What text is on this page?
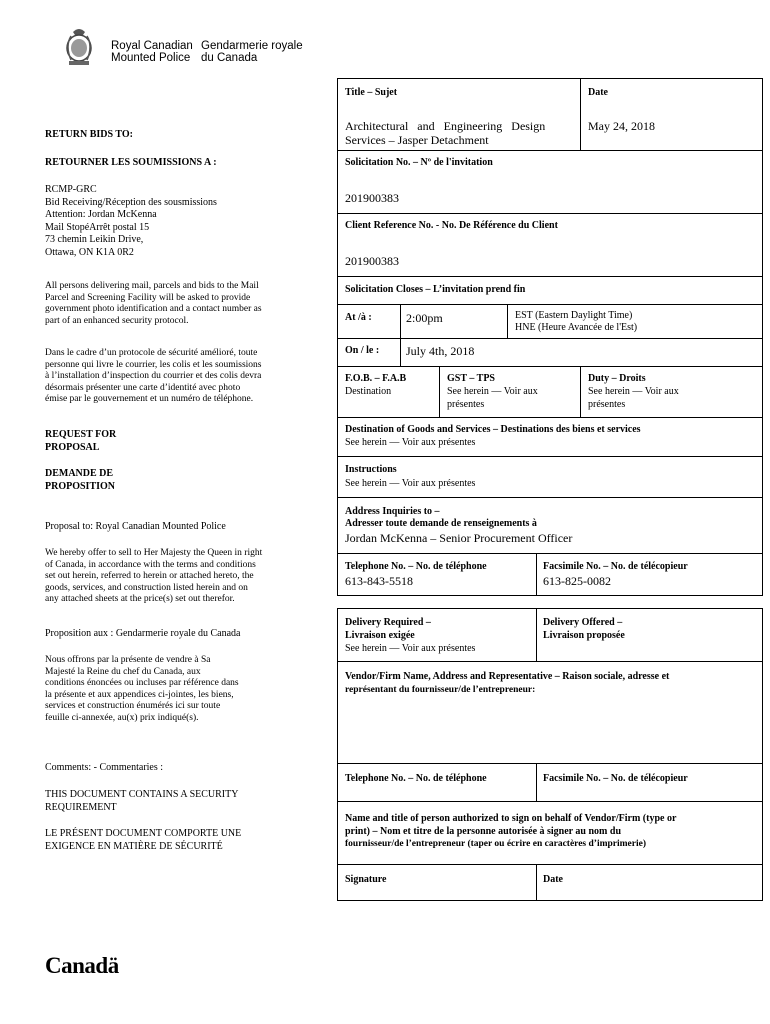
Royal Canadian
Mounted Police
Gendarmerie royale
du Canada
RETURN BIDS TO:
RETOURNER LES SOUMISSIONS A :
RCMP-GRC
Bid Receiving/Réception des sousmissions
Attention: Jordan McKenna
Mail StopéArrêt postal 15
73 chemin Leikin Drive,
Ottawa, ON K1A 0R2
All persons delivering mail, parcels and bids to the Mail
Parcel and Screening Facility will be asked to provide
government photo identification and a contact number as
part of an enhanced security protocol.
Dans le cadre d’un protocole de sécurité amélioré, toute
personne qui livre le courrier, les colis et les soumissions
à l’installation d’inspection du courrier et des colis devra
désormais présenter une carte d’identité avec photo
émise par le gouvernement et un numéro de téléphone.
REQUEST FOR
PROPOSAL
DEMANDE DE
PROPOSITION
Proposal to: Royal Canadian Mounted Police
We hereby offer to sell to Her Majesty the Queen in right
of Canada, in accordance with the terms and conditions
set out herein, referred to herein or attached hereto, the
goods, services, and construction listed herein and on
any attached sheets at the price(s) set out therefor.
Proposition aux : Gendarmerie royale du Canada
Nous offrons par la présente de vendre à Sa
Majesté la Reine du chef du Canada, aux
conditions énoncées ou incluses par référence dans
la présente et aux appendices ci-jointes, les biens,
services et construction énumérés ici sur toute
feuille ci-annexée, au(x) prix indiqué(s).
Comments: - Commentaries :
THIS DOCUMENT CONTAINS A SECURITY
REQUIREMENT
LE PRÉSENT DOCUMENT COMPORTE UNE
EXIGENCE EN MATIÈRE DE SÉCURITÉ
Canadä
Title – Sujet	Date
Architectural   and   Engineering   Design
Services – Jasper Detachment
May 24, 2018
Solicitation No. – Nº de l'invitation
201900383
Client Reference No. - No. De Référence du Client
201900383
Solicitation Closes – L’invitation prend fin
At /à :	2:00pm	EST (Eastern Daylight Time)
HNE (Heure Avancée de l'Est)
On / le : July 4th, 2018
F.O.B. – F.A.B
Destination
GST – TPS
See herein — Voir aux
présentes
Duty – Droits
See herein — Voir aux
présentes
Destination of Goods and Services – Destinations des biens et services
See herein — Voir aux présentes
Instructions
See herein — Voir aux présentes
Address Inquiries to –
Adresser toute demande de renseignements à
Jordan McKenna – Senior Procurement Officer
Telephone No. – No. de téléphone
613-843-5518
Facsimile No. – No. de télécopieur
613-825-0082
Delivery Required –
Livraison exigée
See herein — Voir aux présentes
Delivery Offered –
Livraison proposée
Vendor/Firm Name, Address and Representative – Raison sociale, adresse et
représentant du fournisseur/de l’entrepreneur:
Telephone No. – No. de téléphone	Facsimile No. – No. de télécopieur
Name and title of person authorized to sign on behalf of Vendor/Firm (type or
print) – Nom et titre de la personne autorisée à signer au nom du
fournisseur/de l’entrepreneur (taper ou écrire en caractères d’imprimerie)
Signature	Date
